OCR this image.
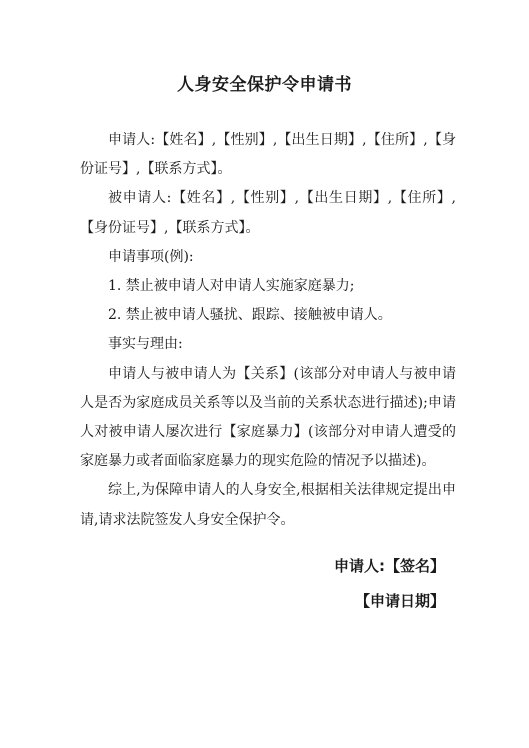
人身安全保护令申请书

申请人:【姓名】,【性别】,【出生日期】,【住所】,【身份证号】,【联系方式】。

被申请人:【姓名】,【性别】,【出生日期】,【住所】,【身份证号】,【联系方式】。

申请事项(例):

1. 禁止被申请人对申请人实施家庭暴力;

2. 禁止被申请人骚扰、跟踪、接触被申请人。

事实与理由:

申请人与被申请人为【关系】(该部分对申请人与被申请人是否为家庭成员关系等以及当前的关系状态进行描述);申请人对被申请人屡次进行【家庭暴力】(该部分对申请人遭受的家庭暴力或者面临家庭暴力的现实危险的情况予以描述)。

综上,为保障申请人的人身安全,根据相关法律规定提出申请,请求法院签发人身安全保护令。

申请人:【签名】
【申请日期】
